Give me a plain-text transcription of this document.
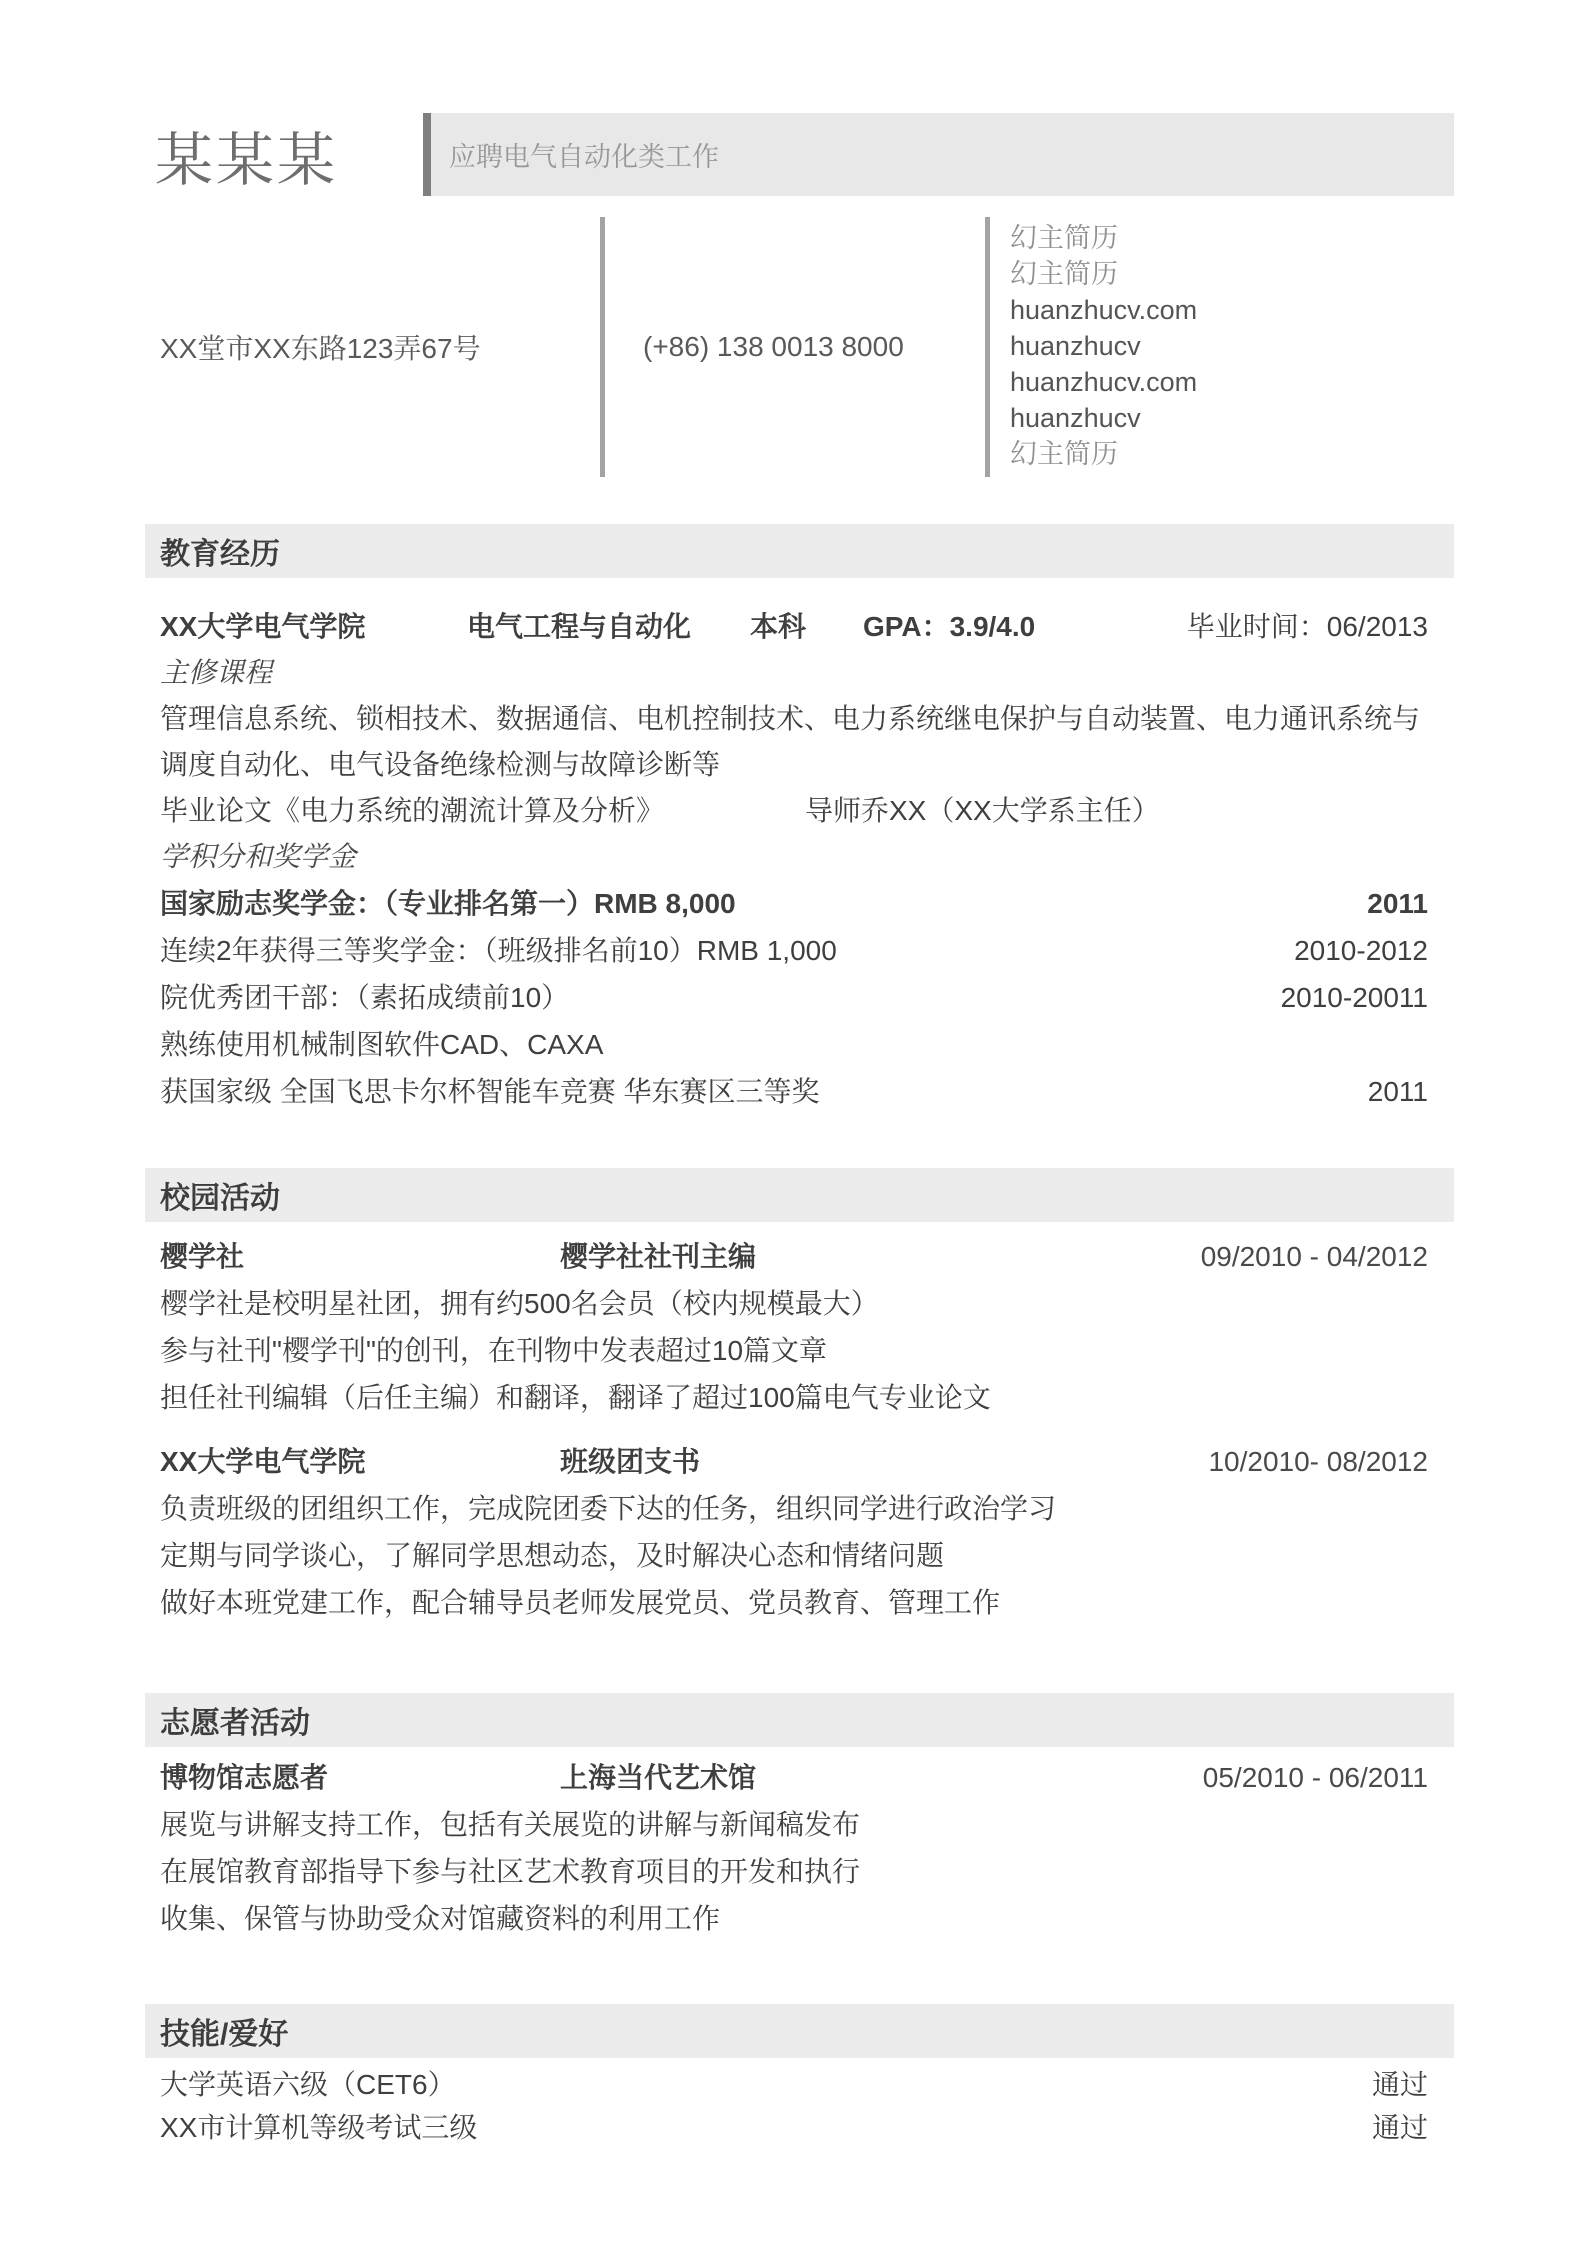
某某某	应聘电气自动化类工作
XX堂市XX东路123弄67号	(+86) 138 0013 8000
幻主简历
幻主简历
huanzhucv.com
huanzhucv
huanzhucv.com
huanzhucv
幻主简历
教育经历
XX大学电气学院	电气工程与自动化 本科 GPA：3.9/4.0	毕业时间：06/2013
主修课程
管理信息系统、锁相技术、数据通信、电机控制技术、电力系统继电保护与自动装置、电力通讯系统与调度自动化、电气设备绝缘检测与故障诊断等
毕业论文《电力系统的潮流计算及分析》	导师乔XX（XX大学系主任）
学积分和奖学金
国家励志奖学金：（专业排名第一）RMB 8,000	2011
连续2年获得三等奖学金：（班级排名前10）RMB 1,000	2010-2012
院优秀团干部：（素拓成绩前10）	2010-20011
熟练使用机械制图软件CAD、CAXA
获国家级 全国飞思卡尔杯智能车竞赛 华东赛区三等奖	2011
校园活动
樱学社	樱学社社刊主编	09/2010 - 04/2012
樱学社是校明星社团，拥有约500名会员（校内规模最大）
参与社刊"樱学刊"的创刊，在刊物中发表超过10篇文章
担任社刊编辑（后任主编）和翻译，翻译了超过100篇电气专业论文
XX大学电气学院	班级团支书	10/2010- 08/2012
负责班级的团组织工作，完成院团委下达的任务，组织同学进行政治学习
定期与同学谈心，了解同学思想动态，及时解决心态和情绪问题
做好本班党建工作，配合辅导员老师发展党员、党员教育、管理工作
志愿者活动
博物馆志愿者	上海当代艺术馆	05/2010 - 06/2011
展览与讲解支持工作，包括有关展览的讲解与新闻稿发布
在展馆教育部指导下参与社区艺术教育项目的开发和执行
收集、保管与协助受众对馆藏资料的利用工作
技能/爱好
大学英语六级（CET6）	通过
XX市计算机等级考试三级	通过
